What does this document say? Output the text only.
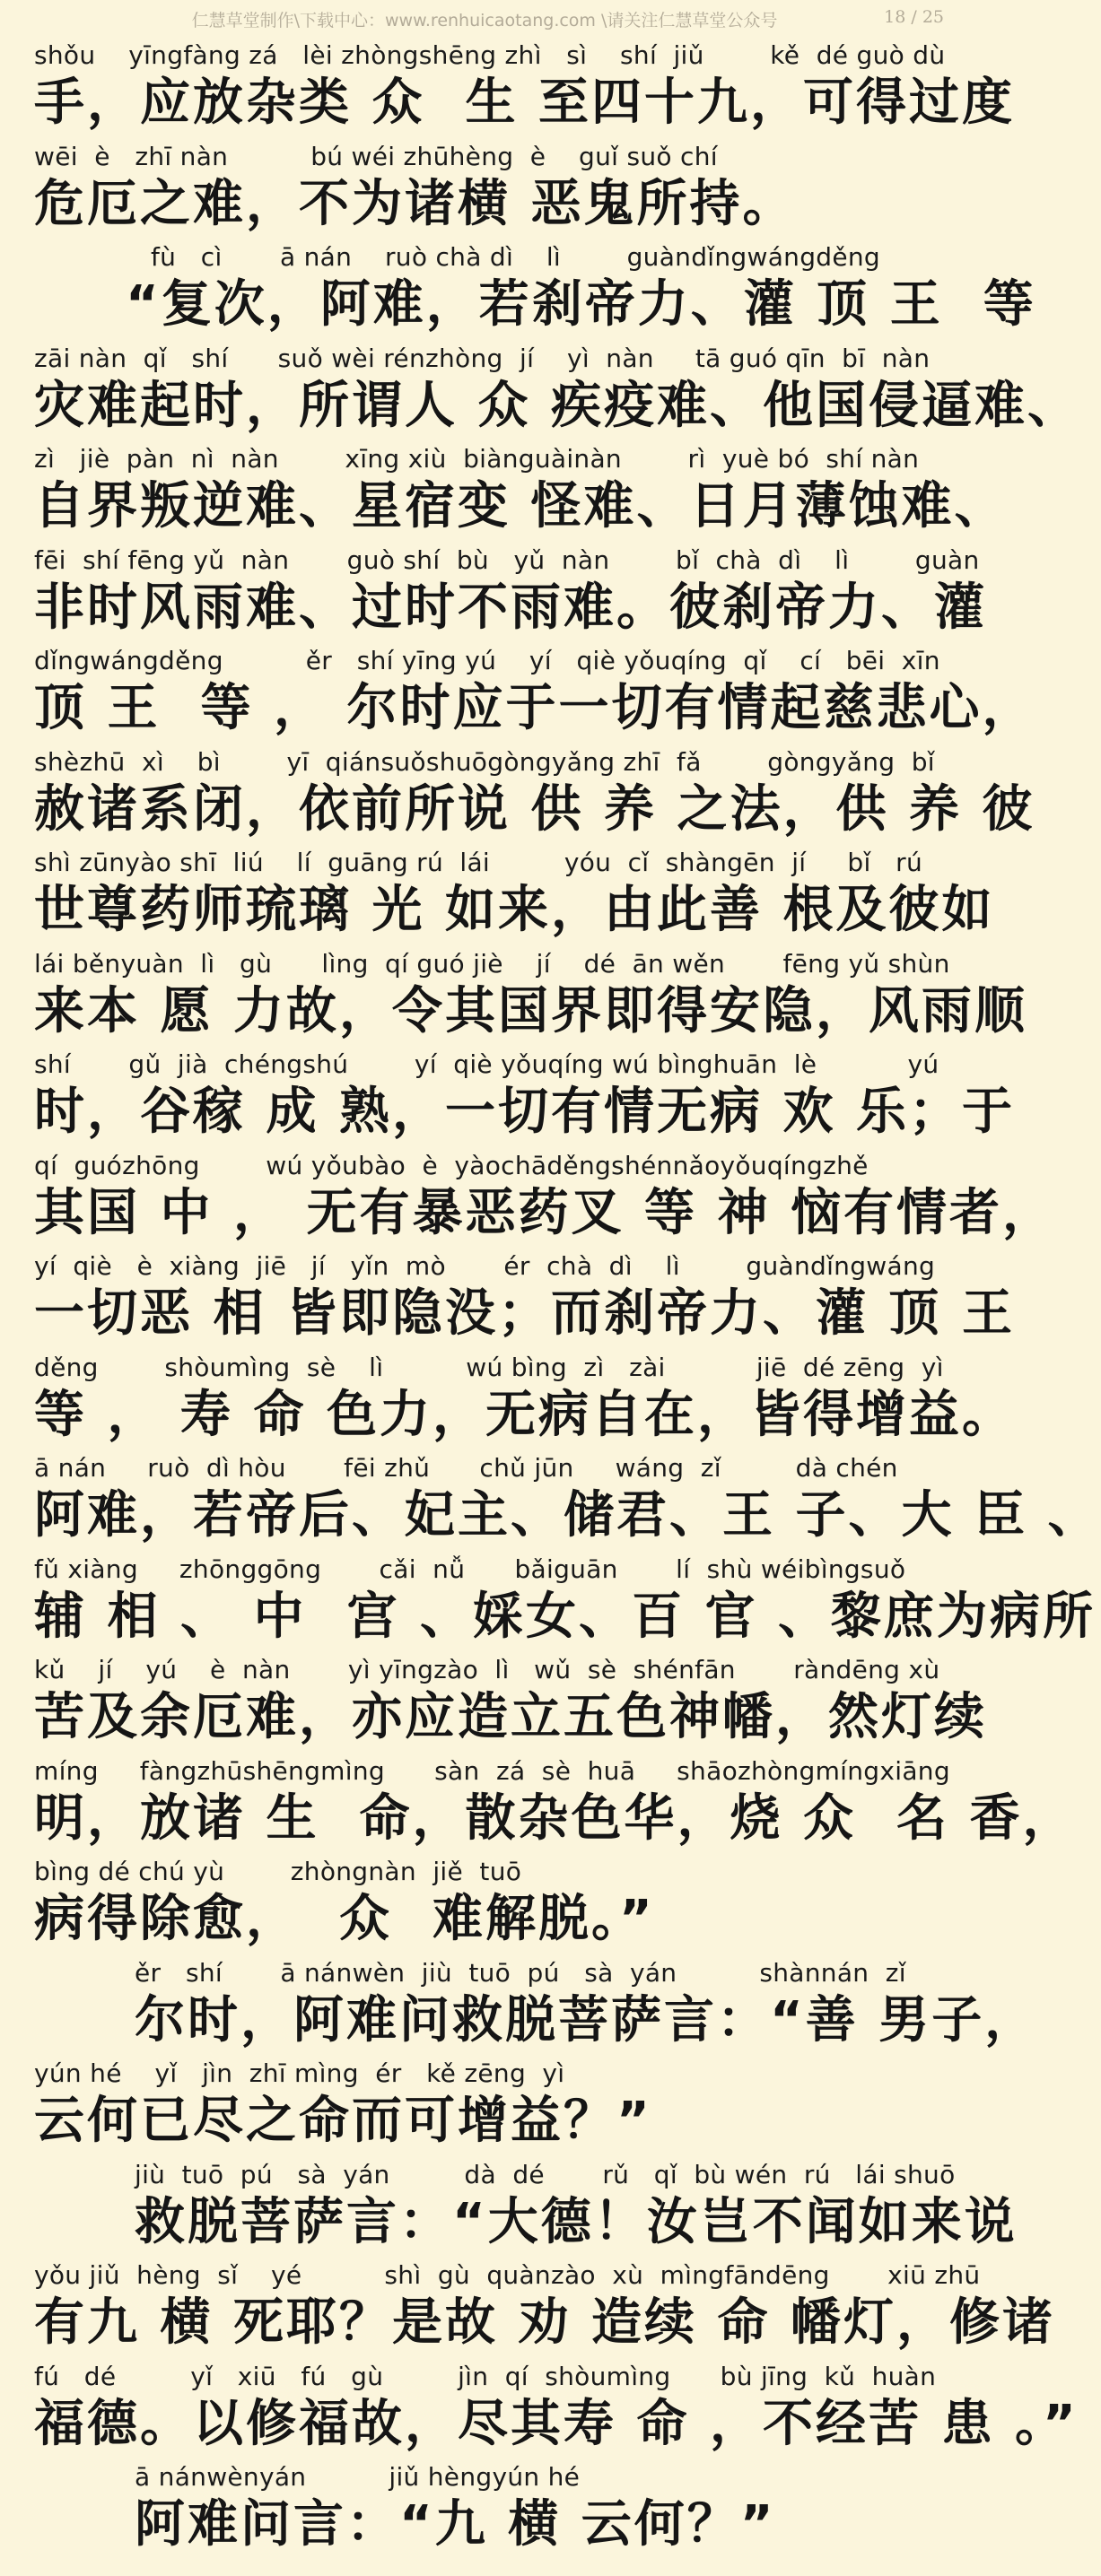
仁慧草堂制作\下载中心：www.renhuicaotang.com \请关注仁慧草堂公众号	18 / 25
shǒu    yīngfàng zá   lèi zhòngshēng zhì   sì    shí  jiǔ        kě  dé guò dù
手，应放杂类 众  生 至四十九，可得过度
wēi  è   zhī nàn          bú wéi zhūhèng  è    guǐ suǒ chí
危厄之难，不为诸横 恶鬼所持。
fù   cì       ā nán    ruò chà dì    lì        guàndǐngwángděng
“复次，阿难，若刹帝力、灌 顶 王  等
zāi nàn  qǐ   shí      suǒ wèi rénzhòng  jí    yì  nàn     tā guó qīn  bī  nàn
灾难起时，所谓人 众 疾疫难、他国侵逼难、
zì   jiè  pàn  nì  nàn        xīng xiù  biànguàinàn        rì  yuè bó  shí nàn
自界叛逆难、星宿变 怪难、日月薄蚀难、
fēi  shí fēng yǔ  nàn       guò shí  bù   yǔ  nàn        bǐ  chà  dì    lì        guàn
非时风雨难、过时不雨难。彼刹帝力、灌
dǐngwángděng          ěr   shí yīng yú    yí   qiè yǒuqíng  qǐ    cí   bēi  xīn
顶 王  等 ， 尔时应于一切有情起慈悲心，
shèzhū  xì    bì        yī  qiánsuǒshuōgòngyǎng zhī  fǎ        gòngyǎng  bǐ
赦诸系闭，依前所说 供 养 之法，供 养 彼
shì zūnyào shī  liú    lí  guāng rú  lái         yóu  cǐ  shàngēn  jí     bǐ   rú
世尊药师琉璃 光 如来，由此善 根及彼如
lái běnyuàn  lì   gù      lìng  qí guó jiè    jí    dé  ān wěn       fēng yǔ shùn
来本 愿 力故，令其国界即得安隐，风雨顺
shí       gǔ  jià  chéngshú        yí  qiè yǒuqíng wú bìnghuān  lè           yú
时，谷稼 成 熟，一切有情无病 欢 乐；于
qí  guózhōng        wú yǒubào  è  yàochāděngshénnǎoyǒuqíngzhě
其国 中 ， 无有暴恶药叉 等 神 恼有情者，
yí  qiè   è  xiàng  jiē   jí   yǐn  mò       ér  chà  dì    lì        guàndǐngwáng
一切恶 相 皆即隐没；而刹帝力、灌 顶 王
děng        shòumìng  sè    lì          wú bìng  zì   zài           jiē  dé zēng  yì
等 ， 寿 命 色力，无病自在，皆得增益。
ā nán     ruò  dì hòu       fēi zhǔ      chǔ jūn     wáng  zǐ         dà chén
阿难，若帝后、妃主、储君、王 子、大 臣 、
fǔ xiàng     zhōnggōng       cǎi  nǚ      bǎiguān       lí  shù wéibìngsuǒ
辅 相 、 中  宫 、婇女、百 官 、黎庶为病所
kǔ    jí    yú    è  nàn       yì yīngzào  lì   wǔ  sè  shénfān       ràndēng xù
苦及余厄难，亦应造立五色神幡，然灯续
míng     fàngzhūshēngmìng      sàn  zá  sè  huā     shāozhòngmíngxiāng
明，放诸 生  命，散杂色华，烧 众  名 香，
bìng dé chú yù        zhòngnàn  jiě  tuō
病得除愈，  众  难解脱。”
ěr   shí       ā nánwèn  jiù  tuō  pú   sà  yán          shànnán  zǐ
尔时，阿难问救脱菩萨言：“善 男子，
yún hé    yǐ   jìn  zhī mìng  ér   kě zēng  yì
云何已尽之命而可增益？”
jiù  tuō  pú   sà  yán         dà  dé       rǔ   qǐ  bù wén  rú   lái shuō
救脱菩萨言：“大德！汝岂不闻如来说
yǒu jiǔ  hèng  sǐ    yé          shì  gù  quànzào  xù  mìngfāndēng       xiū zhū
有九 横 死耶？是故 劝 造续 命 幡灯，修诸
fú   dé         yǐ   xiū   fú   gù         jìn  qí  shòumìng      bù jīng  kǔ  huàn
福德。以修福故，尽其寿 命 ，不经苦 患 。”
ā nánwènyán          jiǔ hèngyún hé
阿难问言：“九 横 云何？”
